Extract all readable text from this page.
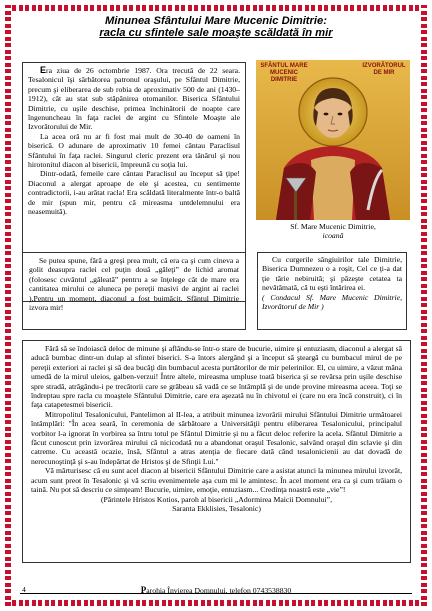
Minunea Sfântului Mare Mucenic Dimitrie:
racla cu sfintele sale moaşte scăldată în mir

Era ziua de 26 octombrie 1987. Ora trecută de 22 seara. Tesalonicul îşi sărbătorea patronul oraşului, pe Sfântul Dimitrie, precum şi eliberarea de sub robia de aproximativ 500 de ani (1430–1912), cât au stat sub stăpânirea otomanilor. Biserica Sfântului Dimitrie, cu uşile deschise, primea închinătorii de noapte care îngenuncheau în faţa raclei de argint cu Sfintele Moaşte ale Izvorâtorului de Mir.

La acea oră nu ar fi fost mai mult de 30-40 de oameni în biserică. O adunare de aproximativ 10 femei cântau Paraclisul Sfântului în faţa raclei. Singurul cleric prezent era tânărul şi nou hirotonitul diacon al bisericii, împreună cu soţia lui.

Dintr-odată, femeile care cântau Paraclisul au început să ţipe! Diaconul a alergat aproape de ele şi acestea, cu sentimente contradictorii, i-au arătat racla! Era scăldată literalmente într-o baltă de mir (spun mir, pentru că mireasma untdelemnului era neasemuită).

SFÂNTUL MARE MUCENIC DIMITRIE
IZVORÂTORUL DE MIR
Sf. Mare Mucenic Dimitrie,
icoană

Se putea spune, fără a greşi prea mult, că era ca şi cum cineva a golit deasupra raclei cel puţin două „găleţi” de lichid aromat (folosesc cuvântul „găleată” pentru a se înţelege cât de mare era cantitatea mirului ce aluneca pe pereţii masivi de argint ai raclei ).Pentru un moment, diaconul a fost buimăcit. Sfântul Dimitrie izvora mir!

Cu curgerile sângiuirilor tale Dimitrie, Biserica Dumnezeu o a roşit, Cel ce ţi-a dat ţie tărie nebiruită; şi păzeşte cetatea ta nevătămată, că tu eşti întărirea ei.

( Condacul Sf. Mare Mucenic Dimitrie, Izvorâtorul de Mir )

Fără să se îndoiască deloc de minune şi aflându-se într-o stare de bucurie, uimire şi entuziasm, diaconul a alergat să aducă bumbac dintr-un dulap al sfintei biserici. S-a întors alergând şi a început să şteargă cu bumbacul mirul de pe pereţii exteriori ai raclei şi să dea bucăţi din bumbacul acesta purtătorilor de mir pelerinilor. El, cu uimire, a văzut măna umedă de la mirul uleios, galben-verzui! Între altele, mireasma umpluse toată biserica şi se revărsa prin uşile deschise spre stradă, atrăgându-i pe trecătorii care se grăbeau să vadă ce se întâmplă şi de unde provine mireasma aceea. Toţi se îndreptau spre racla cu moaştele Sfântului Dimitrie, care era aşezată nu în chivotul ei (care nu era încă construit), ci în faţa catapetesmei bisericii.

Mitropolitul Tesalonicului, Pantelimon al II-lea, a atribuit minunea izvorârii mirului Sfântului Dimitrie următoarei întâmplări: "În acea seară, în ceremonia de sărbătoare a Universităţii pentru eliberarea Tesalonicului, principalul vorbitor l-a ignorat în vorbirea sa întru totul pe Sfântul Dimitrie şi nu a făcut deloc referire la acela. Sfântul Dimitrie a făcut cunoscut prin izvorârea mirului că nicicodată nu a abandonat oraşul Tesalonic, salvând oraşul din sclavie şi din catreme. Cu această ocazie, însă, Sfântul a atras atenţia de fiecare dată când tesalonicienii au dat dovadă de nerecunoştinţă şi s-au îndepărtat de Hristos şi de Sfinţii Lui."

Vă mărturisesc că eu sunt acel diacon al bisericii Sfântului Dimitrie care a asistat atunci la minunea mirului izvorât, acum sunt preot în Tesalonic şi vă scriu evenimentele aşa cum mi le amintesc. În acel moment era ca şi cum trăiam o taină. Nu pot să descriu ce simţeam! Bucurie, uimire, emoţie, entuziasm... Credinţa noastră este „vie”!

(Părintele Hristos Kotios, paroh al bisericii „Adormirea Maicii Domnului”,

Saranta Ekklisies, Tesalonic)

4	Parohia Învierea Domnului, telefon 0743538830
